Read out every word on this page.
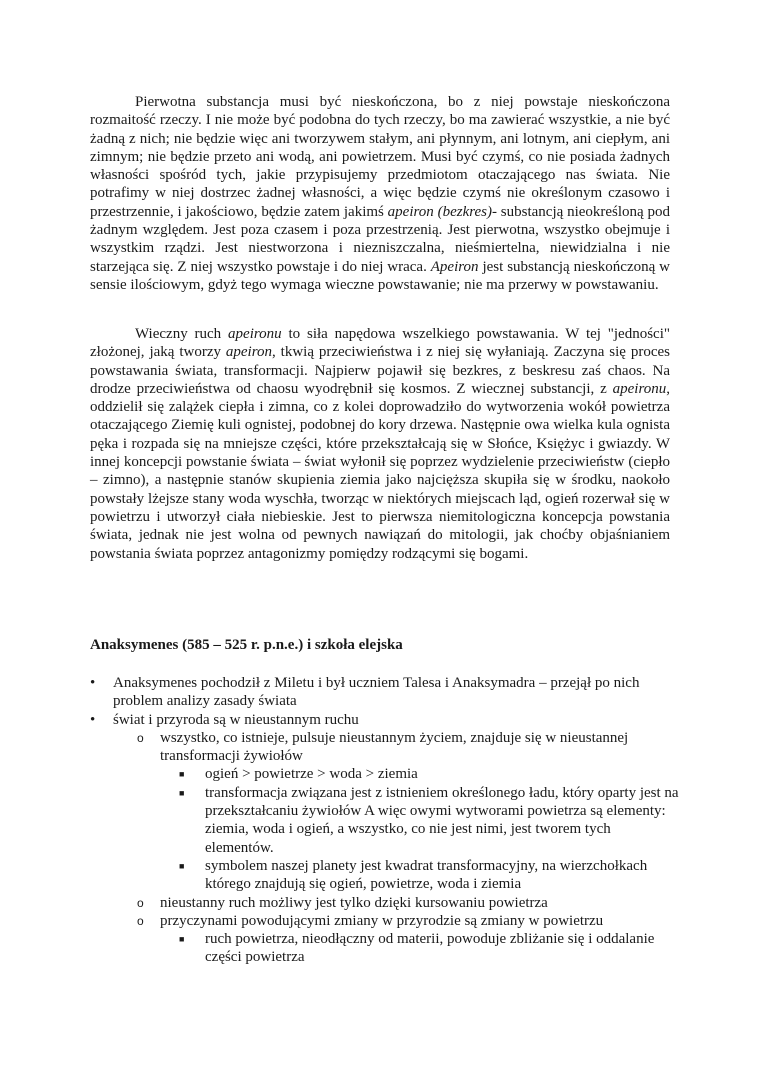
Pierwotna substancja musi być nieskończona, bo z niej powstaje nieskończona rozmaitość rzeczy. I nie może być podobna do tych rzeczy, bo ma zawierać wszystkie, a nie być żadną z nich; nie będzie więc ani tworzywem stałym, ani płynnym, ani lotnym, ani ciepłym, ani zimnym; nie będzie przeto ani wodą, ani powietrzem. Musi być czymś, co nie posiada żadnych własności spośród tych, jakie przypisujemy przedmiotom otaczającego nas świata. Nie potrafimy w niej dostrzec żadnej własności, a więc będzie czymś nie określonym czasowo i przestrzennie, i jakościowo, będzie zatem jakimś apeiron (bezkres)- substancją nieokreśloną pod żadnym względem. Jest poza czasem i poza przestrzenią. Jest pierwotna, wszystko obejmuje i wszystkim rządzi. Jest niestworzona i niezniszczalna, nieśmiertelna, niewidzialna i nie starzejąca się. Z niej wszystko powstaje i do niej wraca. Apeiron jest substancją nieskończoną w sensie ilościowym, gdyż tego wymaga wieczne powstawanie; nie ma przerwy w powstawaniu.

Wieczny ruch apeironu to siła napędowa wszelkiego powstawania. W tej "jedności" złożonej, jaką tworzy apeiron, tkwią przeciwieństwa i z niej się wyłaniają. Zaczyna się proces powstawania świata, transformacji. Najpierw pojawił się bezkres, z beskresu zaś chaos. Na drodze przeciwieństwa od chaosu wyodrębnił się kosmos. Z wiecznej substancji, z apeironu, oddzielił się zalążek ciepła i zimna, co z kolei doprowadziło do wytworzenia wokół powietrza otaczającego Ziemię kuli ognistej, podobnej do kory drzewa. Następnie owa wielka kula ognista pęka i rozpada się na mniejsze części, które przekształcają się w Słońce, Księżyc i gwiazdy. W innej koncepcji powstanie świata – świat wyłonił się poprzez wydzielenie przeciwieństw (ciepło – zimno), a następnie stanów skupienia ziemia jako najcięższa skupiła się w środku, naokoło powstały lżejsze stany woda wyschła, tworząc w niektórych miejscach ląd, ogień rozerwał się w powietrzu i utworzył ciała niebieskie. Jest to pierwsza niemitologiczna koncepcja powstania świata, jednak nie jest wolna od pewnych nawiązań do mitologii, jak choćby objaśnianiem powstania świata poprzez antagonizmy pomiędzy rodzącymi się bogami.

Anaksymenes (585 – 525 r. p.n.e.) i szkoła elejska
• Anaksymenes pochodził z Miletu i był uczniem Talesa i Anaksymadra – przejął po nich problem analizy zasady świata
• świat i przyroda są w nieustannym ruchu
o wszystko, co istnieje, pulsuje nieustannym życiem, znajduje się w nieustannej transformacji żywiołów
■ ogień > powietrze > woda > ziemia
■ transformacja związana jest z istnieniem określonego ładu, który oparty jest na przekształcaniu żywiołów A więc owymi wytworami powietrza są elementy: ziemia, woda i ogień, a wszystko, co nie jest nimi, jest tworem tych elementów.
■ symbolem naszej planety jest kwadrat transformacyjny, na wierzchołkach którego znajdują się ogień, powietrze, woda i ziemia
o nieustanny ruch możliwy jest tylko dzięki kursowaniu powietrza
o przyczynami powodującymi zmiany w przyrodzie są zmiany w powietrzu
■ ruch powietrza, nieodłączny od materii, powoduje zbliżanie się i oddalanie części powietrza
